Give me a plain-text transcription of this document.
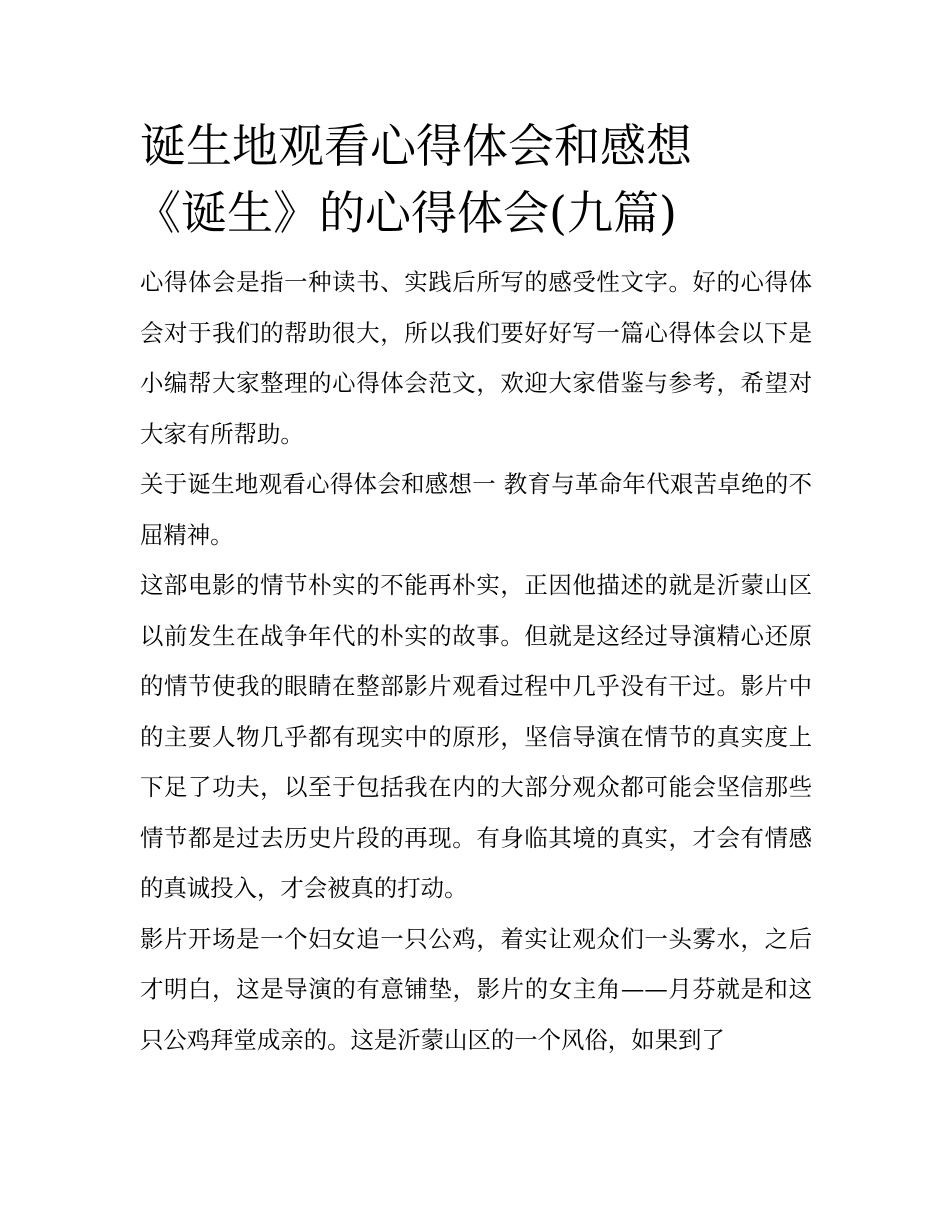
诞生地观看心得体会和感想
《诞生》的心得体会(九篇)

心得体会是指一种读书、实践后所写的感受性文字。好的心得体会对于我们的帮助很大，所以我们要好好写一篇心得体会以下是小编帮大家整理的心得体会范文，欢迎大家借鉴与参考，希望对大家有所帮助。

关于诞生地观看心得体会和感想一 教育与革命年代艰苦卓绝的不屈精神。

这部电影的情节朴实的不能再朴实，正因他描述的就是沂蒙山区以前发生在战争年代的朴实的故事。但就是这经过导演精心还原的情节使我的眼睛在整部影片观看过程中几乎没有干过。影片中的主要人物几乎都有现实中的原形，坚信导演在情节的真实度上下足了功夫，以至于包括我在内的大部分观众都可能会坚信那些情节都是过去历史片段的再现。有身临其境的真实，才会有情感的真诚投入，才会被真的打动。

影片开场是一个妇女追一只公鸡，着实让观众们一头雾水，之后才明白，这是导演的有意铺垫，影片的女主角——月芬就是和这只公鸡拜堂成亲的。这是沂蒙山区的一个风俗，如果到了
